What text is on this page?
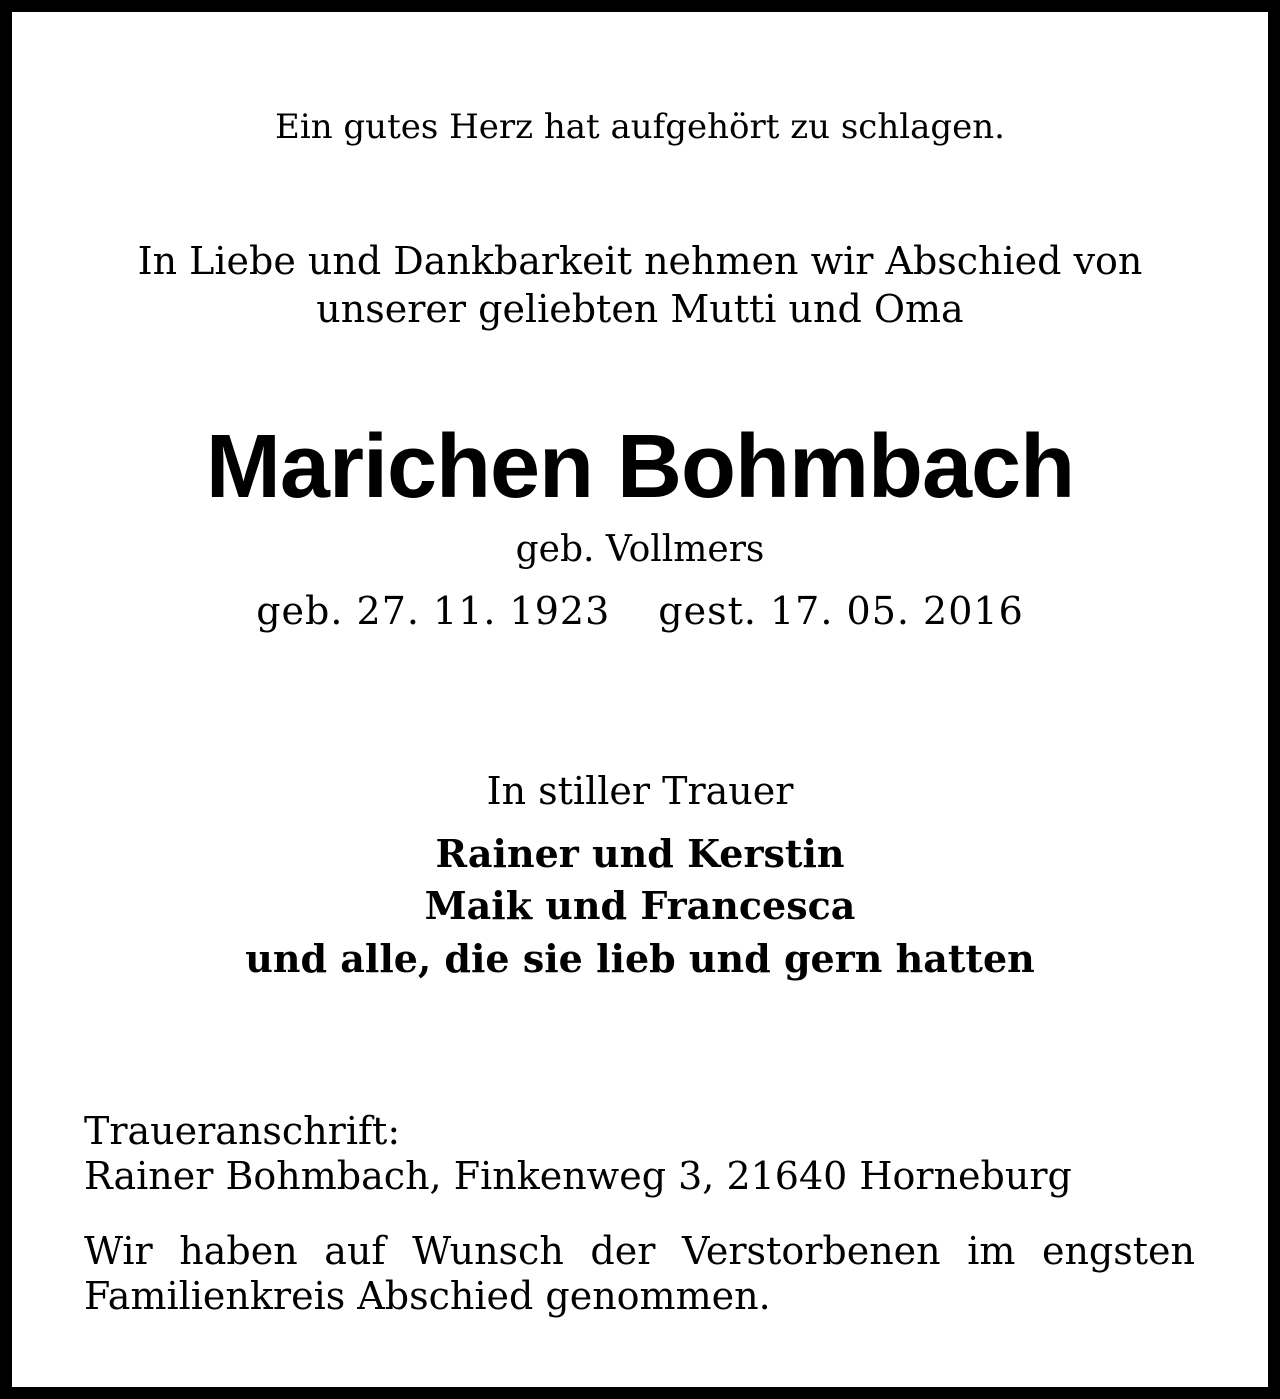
Ein gutes Herz hat aufgehört zu schlagen.
In Liebe und Dankbarkeit nehmen wir Abschied von
unserer geliebten Mutti und Oma
Marichen Bohmbach
geb. Vollmers
geb. 27. 11. 1923 gest. 17. 05. 2016
In stiller Trauer
Rainer und Kerstin
Maik und Francesca
und alle, die sie lieb und gern hatten
Traueranschrift:
Rainer Bohmbach, Finkenweg 3, 21640 Horneburg
Wir haben auf Wunsch der Verstorbenen im engsten
Familienkreis Abschied genommen.
